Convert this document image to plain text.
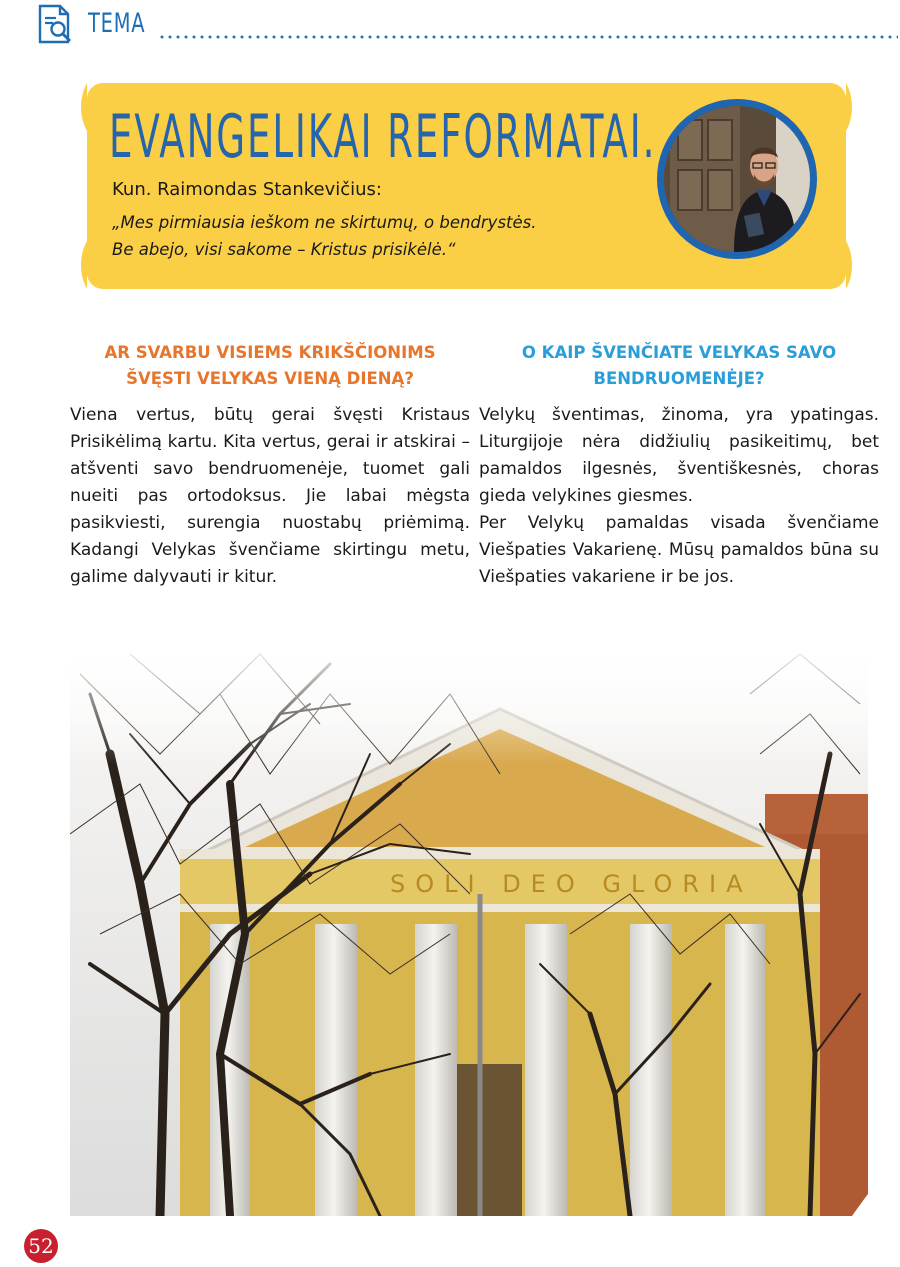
TEMA
EVANGELIKAI REFORMATAI.
Kun. Raimondas Stankevičius:
„Mes pirmiausia ieškom ne skirtumų, o bendrystės.
Be abejo, visi sakome – Kristus prisikėlė.“
AR SVARBU VISIEMS KRIKŠČIONIMS ŠVĘSTI VELYKAS VIENĄ DIENĄ?

Viena vertus, būtų gerai švęsti Kristaus Prisikėlimą kartu. Kita vertus, gerai ir atskirai – atšventi savo bendruomenėje, tuomet gali nueiti pas ortodoksus. Jie labai mėgsta pasikviesti, surengia nuostabų priėmimą. Kadangi Velykas švenčiame skirtingu metu, galime dalyvauti ir kitur.

O KAIP ŠVENČIATE VELYKAS SAVO BENDRUOMENĖJE?

Velykų šventimas, žinoma, yra ypatingas. Liturgijoje nėra didžiulių pasikeitimų, bet pamaldos ilgesnės, šventiškesnės, choras gieda velykines giesmes.

Per Velykų pamaldas visada švenčiame Viešpaties Vakarienę. Mūsų pamaldos būna su Viešpaties vakariene ir be jos.

SOLI DEO GLORIA
52
